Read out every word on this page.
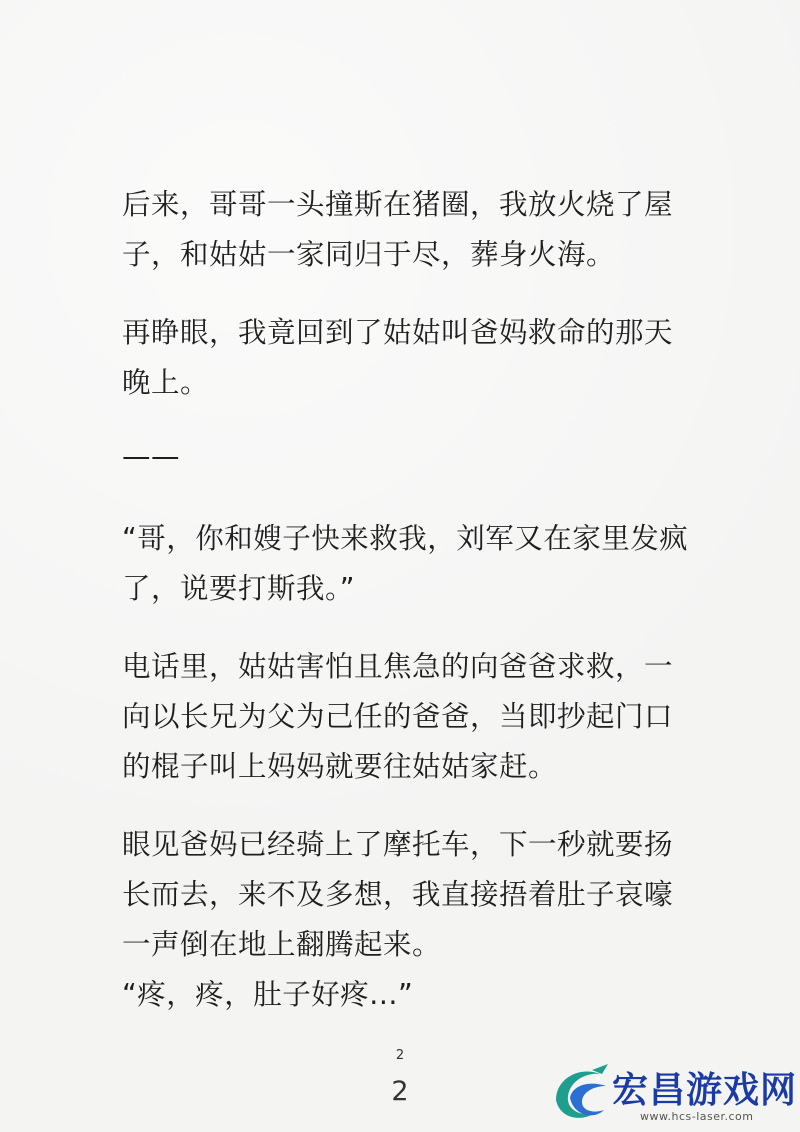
后来，哥哥一头撞斯在猪圈，我放火烧了屋
子，和姑姑一家同归于尽，葬身火海。

再睁眼，我竟回到了姑姑叫爸妈救命的那天
晚上。

——

“哥，你和嫂子快来救我，刘军又在家里发疯
了，说要打斯我。”

电话里，姑姑害怕且焦急的向爸爸求救，一
向以长兄为父为己任的爸爸，当即抄起门口
的棍子叫上妈妈就要往姑姑家赶。

眼见爸妈已经骑上了摩托车，下一秒就要扬
长而去，来不及多想，我直接捂着肚子哀嚎
一声倒在地上翻腾起来。

“疼，疼，肚子好疼...”

2
2	宏昌游戏网
www.hcs-laser.com
